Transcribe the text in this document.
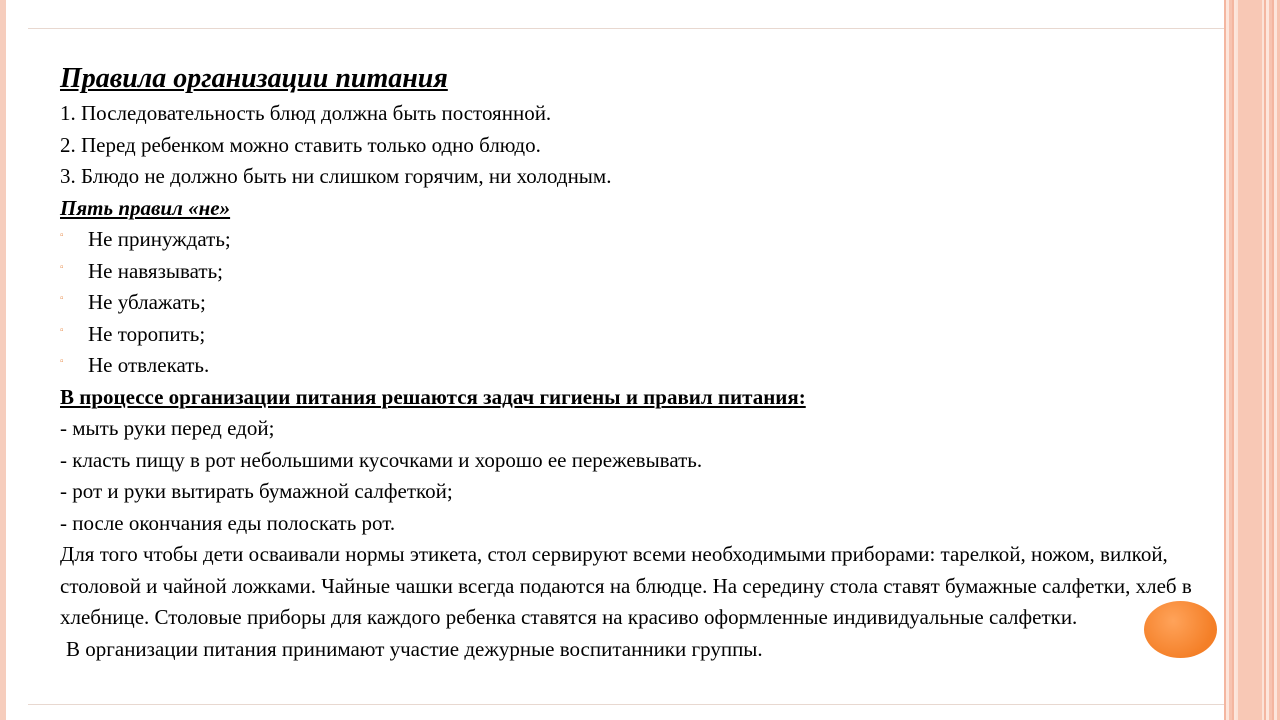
Правила организации питания
1. Последовательность блюд должна быть постоянной.
2. Перед ребенком можно ставить только одно блюдо.
3. Блюдо не должно быть ни слишком горячим, ни холодным.
Пять правил «не»
▫ Не принуждать;
▫ Не навязывать;
▫ Не ублажать;
▫ Не торопить;
▫ Не отвлекать.
В процессе организации питания решаются задач гигиены и правил питания:
- мыть руки перед едой;
- класть пищу в рот небольшими кусочками и хорошо ее пережевывать.
- рот и руки вытирать бумажной салфеткой;
- после окончания еды полоскать рот.
Для того чтобы дети осваивали нормы этикета, стол сервируют всеми необходимыми приборами: тарелкой, ножом, вилкой, столовой и чайной ложками. Чайные чашки всегда подаются на блюдце. На середину стола ставят бумажные салфетки, хлеб в хлебнице. Столовые приборы для каждого ребенка ставятся на красиво оформленные индивидуальные салфетки.
В организации питания принимают участие дежурные воспитанники группы.
